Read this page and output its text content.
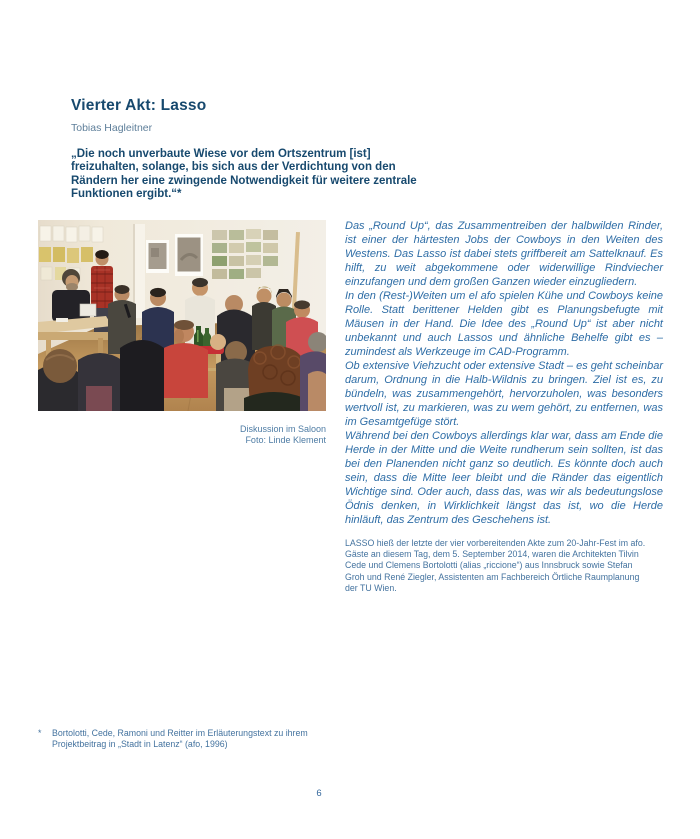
Vierter Akt: Lasso
Tobias Hagleitner
„Die noch unverbaute Wiese vor dem Ortszentrum [ist] freizuhalten, solange, bis sich aus der Verdichtung von den Rändern her eine zwingende Notwendigkeit für weitere zentrale Funktionen ergibt.“*
Diskussion im Saloon
Foto: Linde Klement

Das „Round Up“, das Zusammentreiben der halbwilden Rinder, ist einer der härtesten Jobs der Cowboys in den Weiten des Westens. Das Lasso ist dabei stets griffbereit am Sattelknauf. Es hilft, zu weit abgekommene oder widerwillige Rindviecher einzufangen und dem großen Ganzen wieder einzugliedern.

In den (Rest-)Weiten um el afo spielen Kühe und Cowboys keine Rolle. Statt berittener Helden gibt es Planungsbefugte mit Mäusen in der Hand. Die Idee des „Round Up“ ist aber nicht unbekannt und auch Lassos und ähnliche Behelfe gibt es – zumindest als Werkzeuge im CAD-Programm.

Ob extensive Viehzucht oder extensive Stadt – es geht scheinbar darum, Ordnung in die Halb-Wildnis zu bringen. Ziel ist es, zu bündeln, was zusammengehört, hervorzuholen, was besonders wertvoll ist, zu markieren, was zu wem gehört, zu entfernen, was im Gesamtgefüge stört.

Während bei den Cowboys allerdings klar war, dass am Ende die Herde in der Mitte und die Weite rundherum sein sollten, ist das bei den Planenden nicht ganz so deutlich. Es könnte doch auch sein, dass die Mitte leer bleibt und die Ränder das eigentlich Wichtige sind. Oder auch, dass das, was wir als bedeutungslose Ödnis denken, in Wirklichkeit längst das ist, wo die Herde hinläuft, das Zentrum des Geschehens ist.

LASSO hieß der letzte der vier vorbereitenden Akte zum 20-Jahr-Fest im afo. Gäste an diesem Tag, dem 5. September 2014, waren die Architekten Tilvin Cede und Clemens Bortolotti (alias „riccione“) aus Innsbruck sowie Stefan Groh und René Ziegler, Assistenten am Fachbereich Örtliche Raumplanung der TU Wien.
* Bortolotti, Cede, Ramoni und Reitter im Erläuterungstext zu ihrem Projektbeitrag in „Stadt in Latenz“ (afo, 1996)
6
